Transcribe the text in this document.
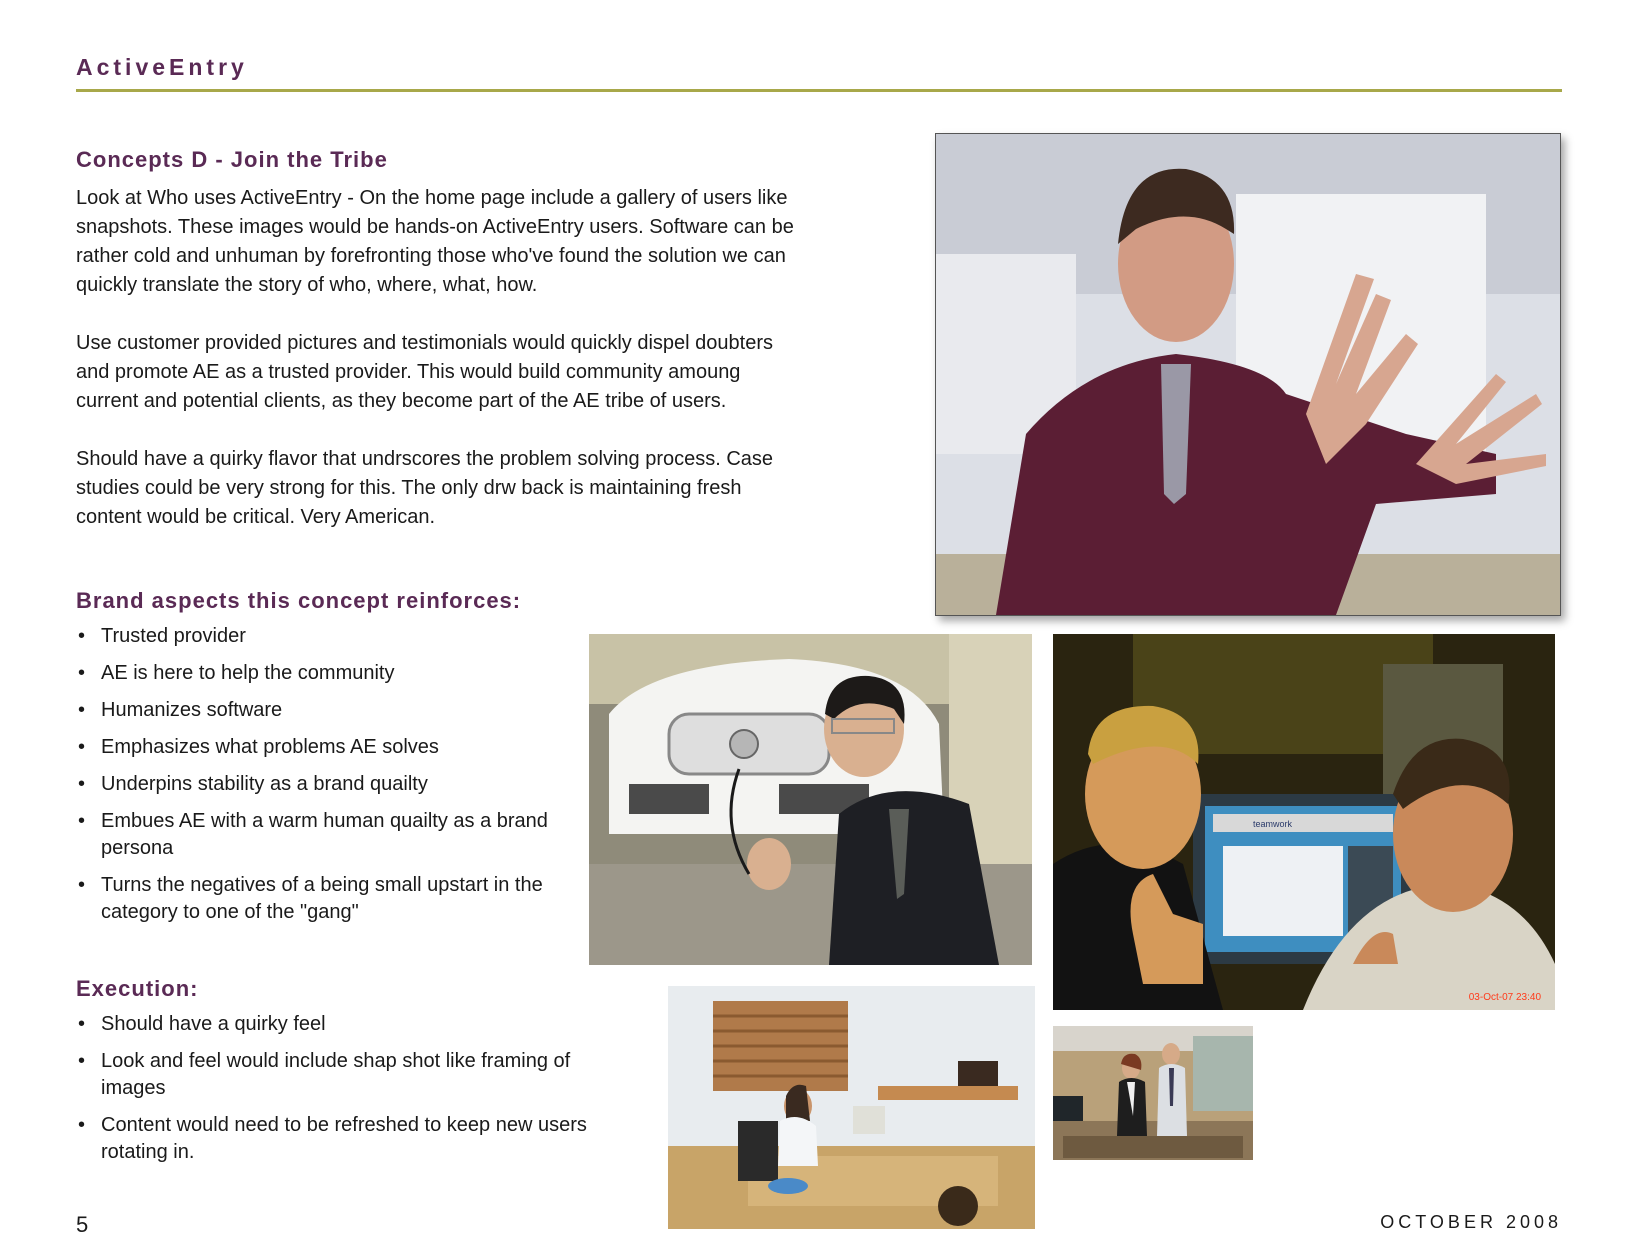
ActiveEntry
Concepts D - Join the Tribe

Look at Who uses ActiveEntry - On the home page include a gallery of users like snapshots. These images would be hands-on ActiveEntry users. Software can be rather cold and unhuman by forefronting those who've found the solution we can quickly translate the story of who, where, what, how.

Use customer provided pictures and testimonials would quickly dispel doubters and promote AE as a trusted provider. This would build community amoung current and potential clients, as they become part of the AE tribe of users.

Should have a quirky flavor that undrscores the problem solving process. Case studies could be very strong for this. The only drw back is maintaining fresh content would be critical. Very American.

Brand aspects this concept reinforces:
• Trusted provider
• AE is here to help the community
• Humanizes software
• Emphasizes what problems AE solves
• Underpins stability as a brand quailty
• Embues AE with a warm human quailty as a brand persona
• Turns the negatives of a being small upstart in the category to one of the "gang"
Execution:
• Should have a quirky feel
• Look and feel would include shap shot like framing of images
• Content would need to be refreshed to keep new users rotating in.
03-Oct-07 23:40
teamwork
5	OCTOBER 2008
